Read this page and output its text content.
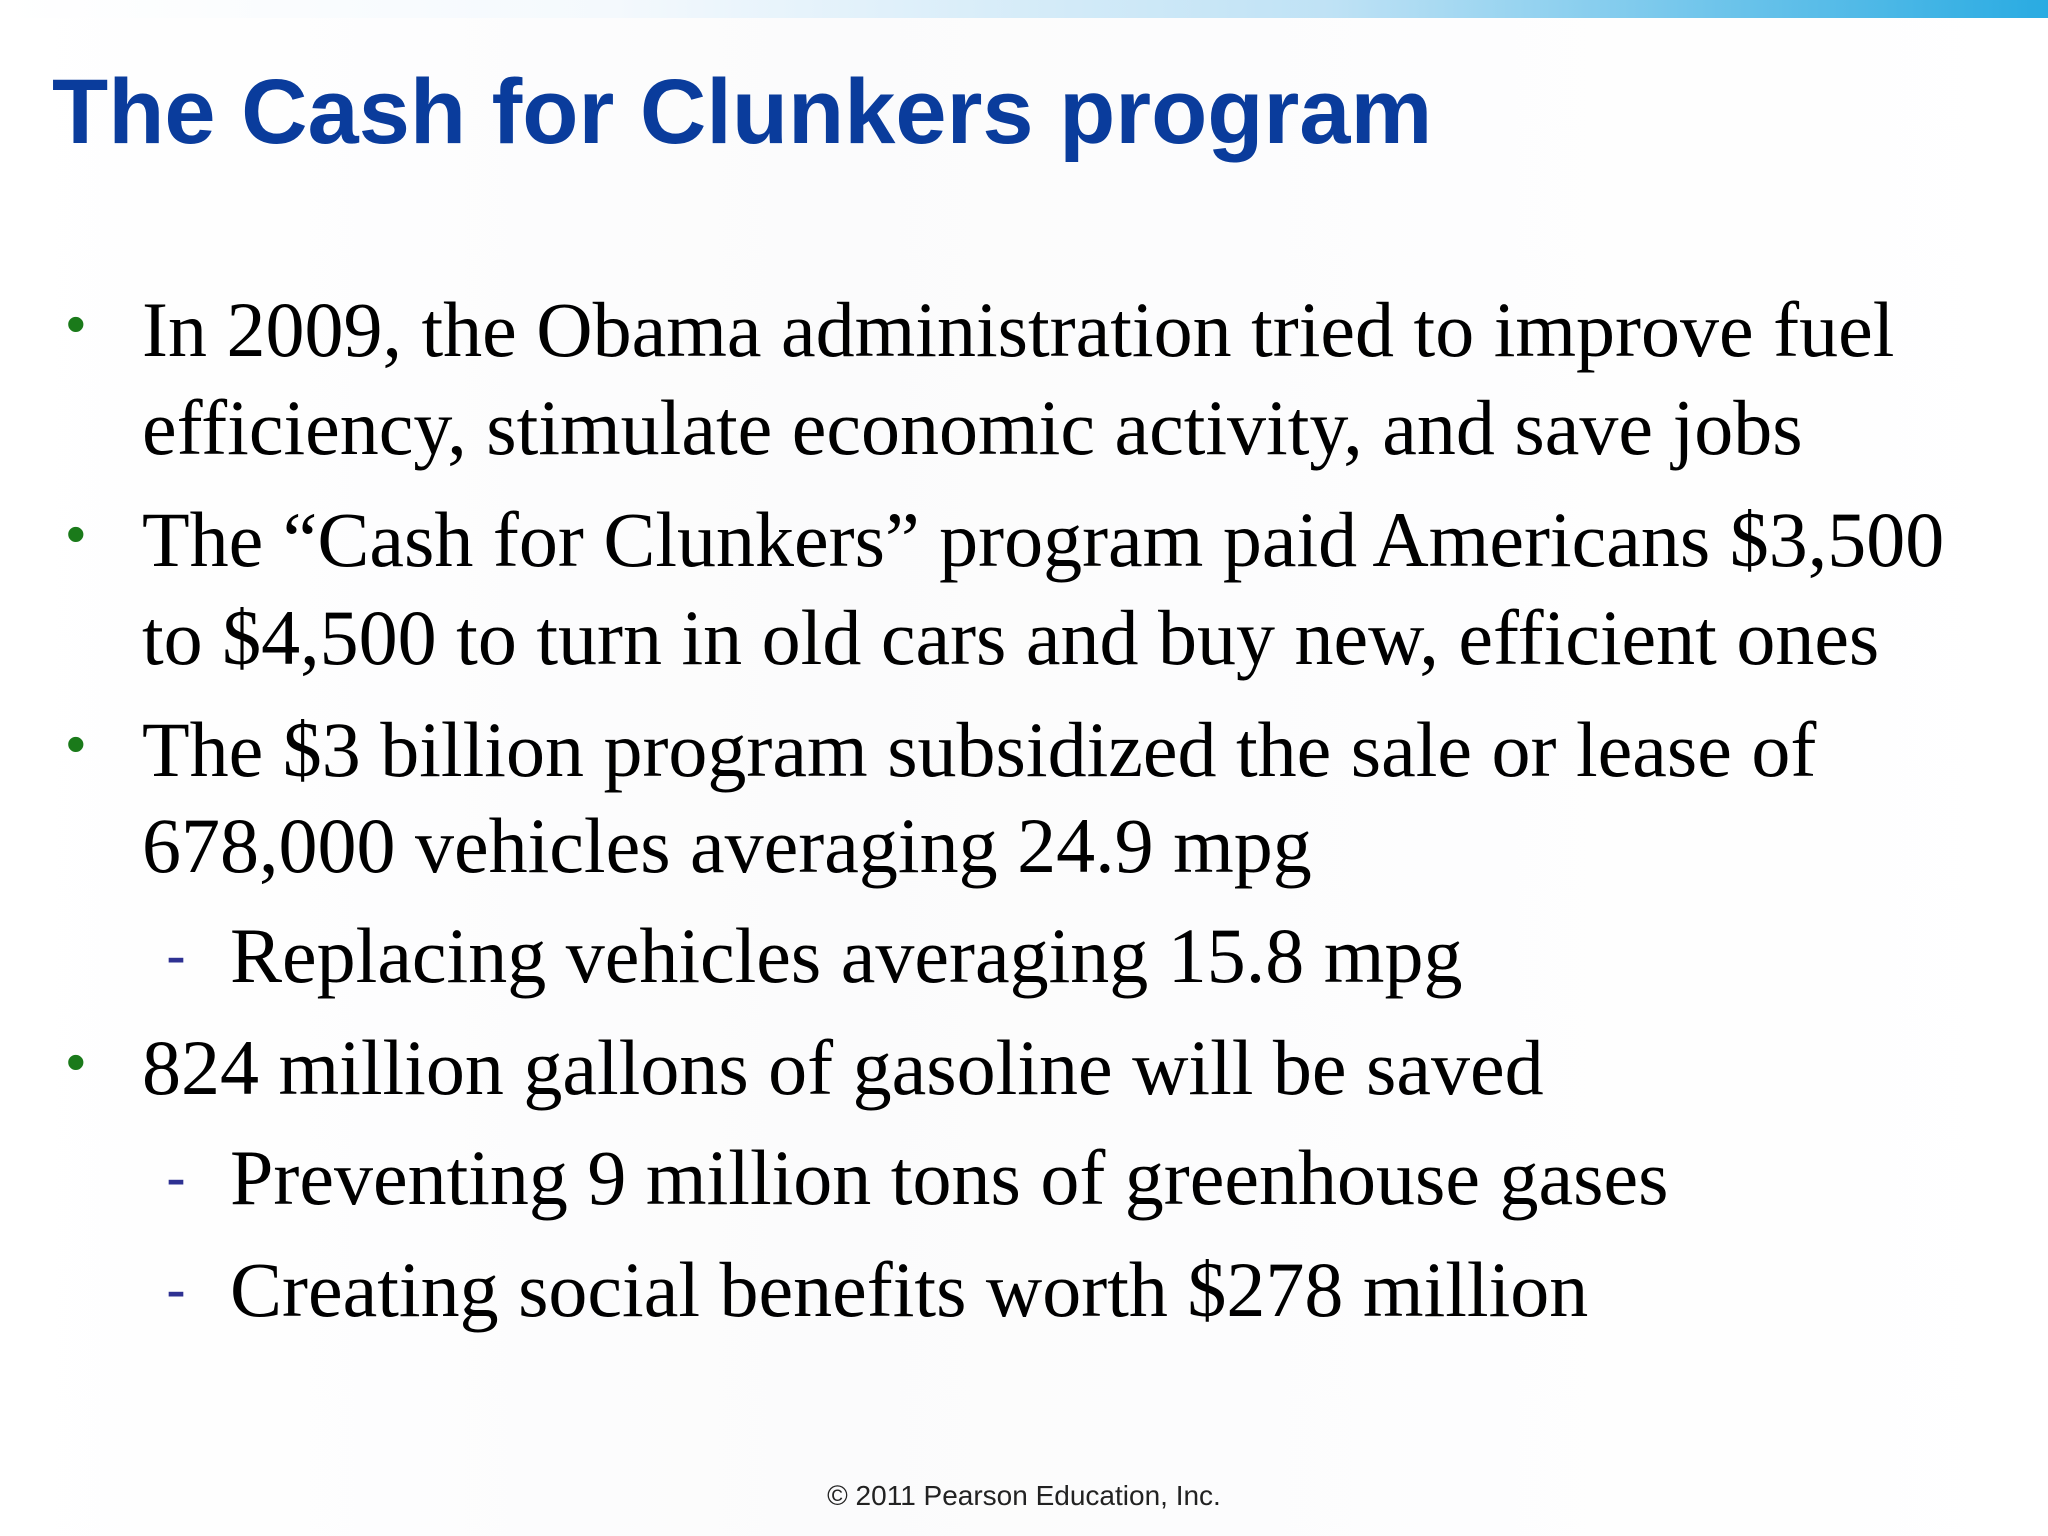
The Cash for Clunkers program
• In 2009, the Obama administration tried to improve fuel
efficiency, stimulate economic activity, and save jobs
• The “Cash for Clunkers” program paid Americans $3,500
to $4,500 to turn in old cars and buy new, efficient ones
• The $3 billion program subsidized the sale or lease of
678,000 vehicles averaging 24.9 mpg
- Replacing vehicles averaging 15.8 mpg
• 824 million gallons of gasoline will be saved
- Preventing 9 million tons of greenhouse gases
- Creating social benefits worth $278 million
© 2011 Pearson Education, Inc.
